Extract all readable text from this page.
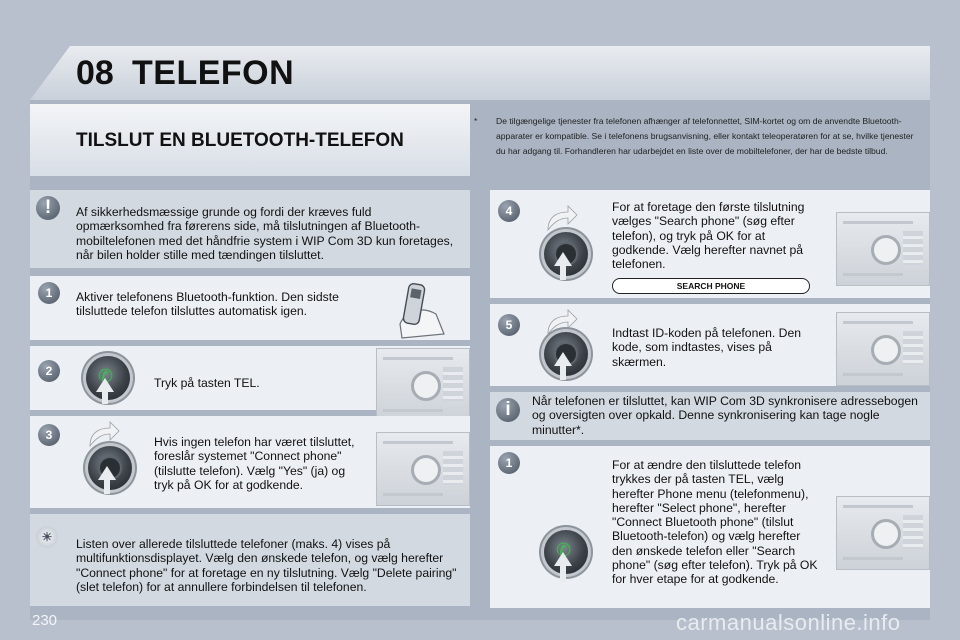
08 TELEFON
TILSLUT EN BLUETOOTH-TELEFON
* De tilgængelige tjenester fra telefonen afhænger af telefonnettet, SIM-kortet og om de anvendte Bluetooth-apparater er kompatible. Se i telefonens brugsanvisning, eller kontakt teleoperatøren for at se, hvilke tjenester du har adgang til. Forhandleren har udarbejdet en liste over de mobiltelefoner, der har de bedste tilbud.

!	Af sikkerhedsmæssige grunde og fordi der kræves fuld opmærksomhed fra førerens side, må tilslutningen af Bluetooth-mobiltelefonen med det håndfrie system i WIP Com 3D kun foretages, når bilen holder stille med tændingen tilsluttet.
1	Aktiver telefonens Bluetooth-funktion. Den sidste tilsluttede telefon tilsluttes automatisk igen.
2	✆	Tryk på tasten TEL.
3	Hvis ingen telefon har været tilsluttet, foreslår systemet "Connect phone" (tilslutte telefon). Vælg "Yes" (ja) og tryk på OK for at godkende.
☀	Listen over allerede tilsluttede telefoner (maks. 4) vises på multifunktionsdisplayet. Vælg den ønskede telefon, og vælg herefter "Connect phone" for at foretage en ny tilslutning. Vælg "Delete pairing" (slet telefon) for at annullere forbindelsen til telefonen.
4	For at foretage den første tilslutning vælges "Search phone" (søg efter telefon), og tryk på OK for at godkende. Vælg herefter navnet på telefonen.
SEARCH PHONE
5
Indtast ID-koden på telefonen. Den kode, som indtastes, vises på skærmen.
i	Når telefonen er tilsluttet, kan WIP Com 3D synkronisere adressebogen og oversigten over opkald. Denne synkronisering kan tage nogle minutter*.
1
✆
For at ændre den tilsluttede telefon trykkes der på tasten TEL, vælg herefter Phone menu (telefonmenu), herefter "Select phone", herefter "Connect Bluetooth phone" (tilslut Bluetooth-telefon) og vælg herefter den ønskede telefon eller "Search phone" (søg efter telefon). Tryk på OK for hver etape for at godkende.
230	carmanualsonline.info
